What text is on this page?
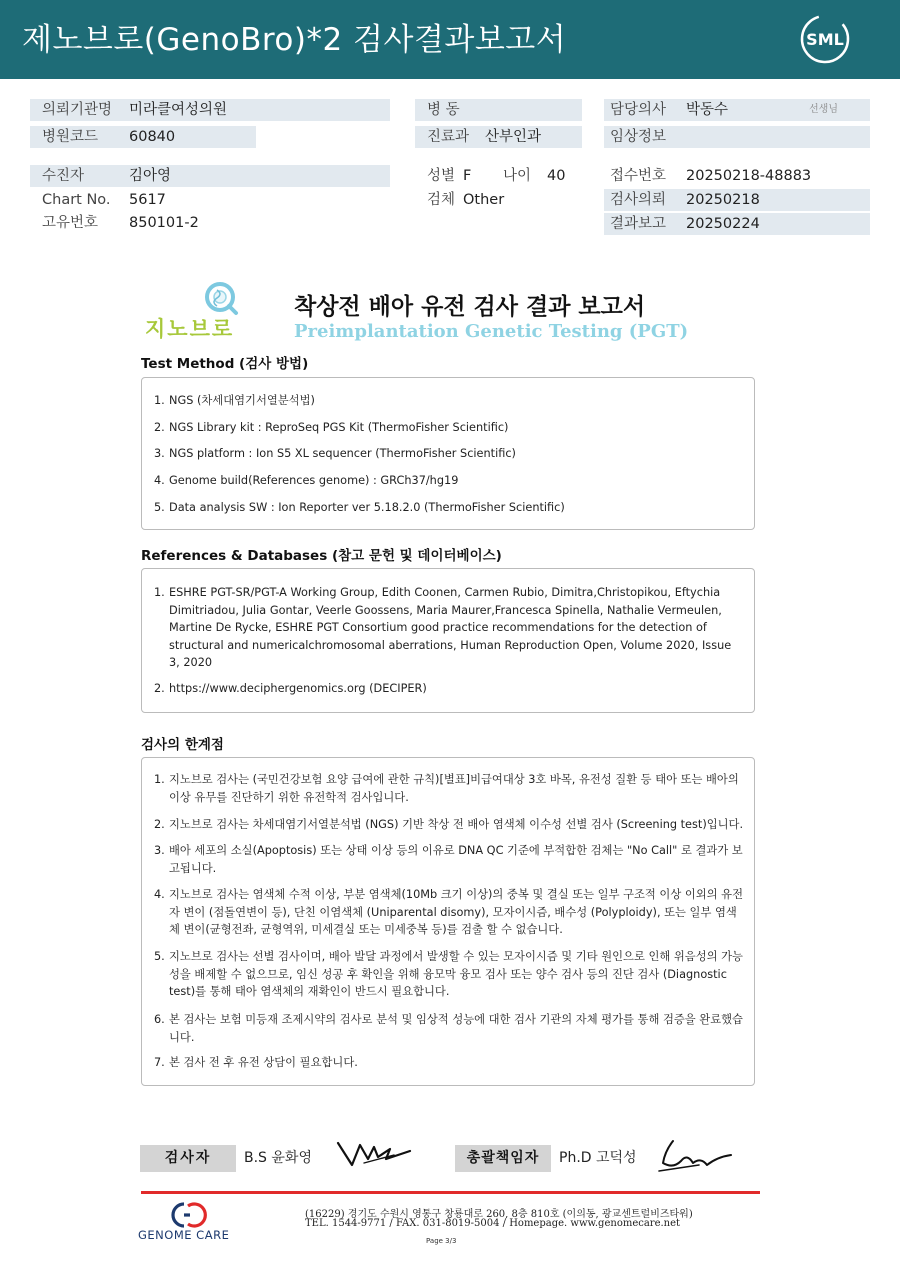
제노브로(GenoBro)*2 검사결과보고서	SML
의뢰기관명 미라클여성의원	병 동	담당의사 박동수	선생님
병원코드 60840	진료과 산부인과	임상정보
수진자	김아영	성별 F 나이 40	접수번호 20250218-48883
Chart No. 5617	검체 Other	검사의뢰 20250218
고유번호 850101-2	결과보고 20250224
지노브로
착상전 배아 유전 검사 결과 보고서
Preimplantation Genetic Testing (PGT)
Test Method (검사 방법)
1. NGS (차세대염기서열분석법)
2. NGS Library kit : ReproSeq PGS Kit (ThermoFisher Scientific)
3. NGS platform : Ion S5 XL sequencer (ThermoFisher Scientific)
4. Genome build(References genome) : GRCh37/hg19
5. Data analysis SW : Ion Reporter ver 5.18.2.0 (ThermoFisher Scientific)
References & Databases (참고 문헌 및 데이터베이스)
1. ESHRE PGT-SR/PGT-A Working Group, Edith Coonen, Carmen Rubio, Dimitra,Christopikou, Eftychia Dimitriadou, Julia Gontar, Veerle Goossens, Maria Maurer,Francesca Spinella, Nathalie Vermeulen, Martine De Rycke, ESHRE PGT Consortium good practice recommendations for the detection of structural and numericalchromosomal aberrations, Human Reproduction Open, Volume 2020, Issue 3, 2020
2. https://www.deciphergenomics.org (DECIPER)
검사의 한계점
1. 지노브로 검사는 (국민건강보험 요양 급여에 관한 규칙)[별표]비급여대상 3호 바목, 유전성 질환 등 태아 또는 배아의 이상 유무를 진단하기 위한 유전학적 검사입니다.
2. 지노브로 검사는 차세대염기서열분석법 (NGS) 기반 착상 전 배아 염색체 이수성 선별 검사 (Screening test)입니다.
3. 배아 세포의 소실(Apoptosis) 또는 상태 이상 등의 이유로 DNA QC 기준에 부적합한 검체는 "No Call" 로 결과가 보고됩니다.
4. 지노브로 검사는 염색체 수적 이상, 부분 염색체(10Mb 크기 이상)의 중복 및 결실 또는 일부 구조적 이상 이외의 유전자 변이 (점돌연변이 등), 단친 이염색체 (Uniparental disomy), 모자이시즘, 배수성 (Polyploidy), 또는 일부 염색체 변이(균형전좌, 균형역위, 미세결실 또는 미세중복 등)를 검출 할 수 없습니다.
5. 지노브로 검사는 선별 검사이며, 배아 발달 과정에서 발생할 수 있는 모자이시즘 및 기타 원인으로 인해 위음성의 가능성을 배제할 수 없으므로, 임신 성공 후 확인을 위해 융모막 융모 검사 또는 양수 검사 등의 진단 검사 (Diagnostic test)를 통해 태아 염색체의 재확인이 반드시 필요합니다.
6. 본 검사는 보험 미등재 조제시약의 검사로 분석 및 임상적 성능에 대한 검사 기관의 자체 평가를 통해 검증을 완료했습니다.
7. 본 검사 전 후 유전 상담이 필요합니다.
검사자	B.S 윤화영	총괄책임자	Ph.D 고덕성
GENOME CARE
(16229) 경기도 수원시 영통구 창룡대로 260, 8층 810호 (이의동, 광교센트럴비즈타워)
TEL. 1544-9771 / FAX. 031-8019-5004 / Homepage. www.genomecare.net
Page 3/3
